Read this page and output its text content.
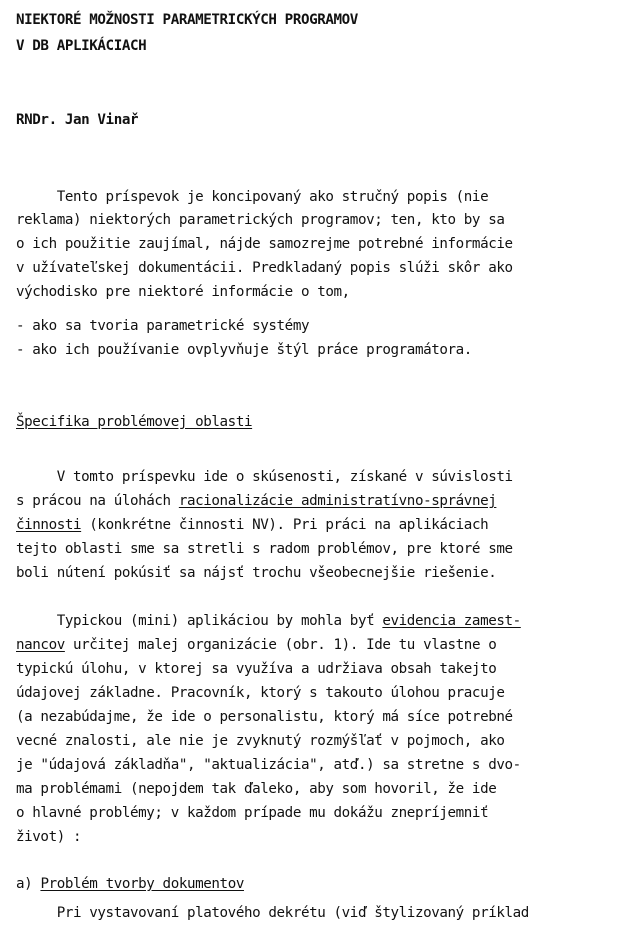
NIEKTORÉ MOŽNOSTI PARAMETRICKÝCH PROGRAMOV
V DB APLIKÁCIACH
RNDr. Jan Vinař
Tento príspevok je koncipovaný ako stručný popis (nie
reklama) niektorých parametrických programov; ten, kto by sa
o ich použitie zaujímal, nájde samozrejme potrebné informácie
v užívateľskej dokumentácii. Predkladaný popis slúži skôr ako
východisko pre niektoré informácie o tom,
- ako sa tvoria parametrické systémy
- ako ich používanie ovplyvňuje štýl práce programátora.
Špecifika problémovej oblasti
V tomto príspevku ide o skúsenosti, získané v súvislosti
s prácou na úlohách racionalizácie administratívno-správnej
činnosti (konkrétne činnosti NV). Pri práci na aplikáciach
tejto oblasti sme sa stretli s radom problémov, pre ktoré sme
boli nútení pokúsiť sa nájsť trochu všeobecnejšie riešenie.
Typickou (mini) aplikáciou by mohla byť evidencia zamest-
nancov určitej malej organizácie (obr. 1). Ide tu vlastne o
typickú úlohu, v ktorej sa využíva a udržiava obsah takejto
údajovej základne. Pracovník, ktorý s takouto úlohou pracuje
(a nezabúdajme, že ide o personalistu, ktorý má síce potrebné
vecné znalosti, ale nie je zvyknutý rozmýšľať v pojmoch, ako
je "údajová základňa", "aktualizácia", atď.) sa stretne s dvo-
ma problémami (nepojdem tak ďaleko, aby som hovoril, že ide
o hlavné problémy; v každom prípade mu dokážu znepríjemniť
život) :
a) Problém tvorby dokumentov
Pri vystavovaní platového dekrétu (viď štylizovaný príklad
